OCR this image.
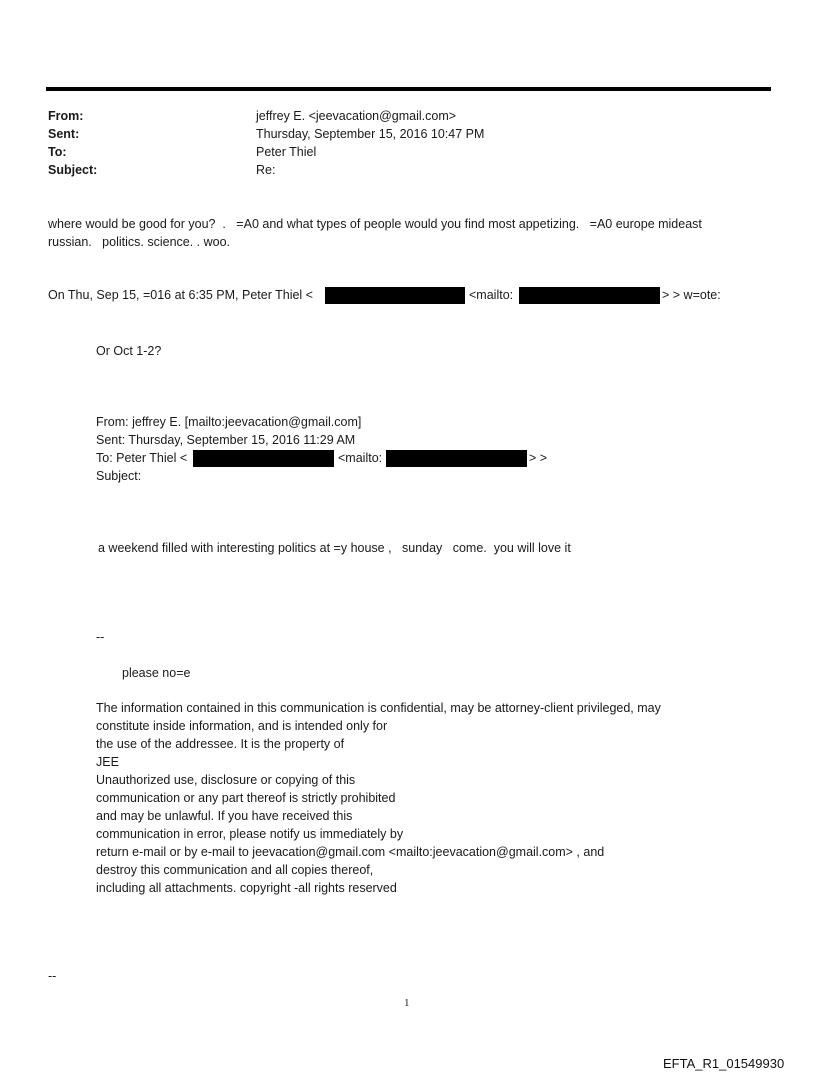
From:	jeffrey E. <jeevacation@gmail.com>
Sent:	Thursday, September 15, 2016 10:47 PM
To:	Peter Thiel
Subject:	Re:
where would be good for you?  .   =A0 and what types of people would you find most appetizing.   =A0 europe mideast
russian.   politics. science. . woo.
On Thu, Sep 15, =016 at 6:35 PM, Peter Thiel <	<mailto:	> > w=ote:
Or Oct 1-2?
From: jeffrey E. [mailto:jeevacation@gmail.com]
Sent: Thursday, September 15, 2016 11:29 AM
To: Peter Thiel <	<mailto:	> >
Subject:
a weekend filled with interesting politics at =y house ,   sunday   come.  you will love it
--
please no=e
The information contained in this communication is confidential, may be attorney-client privileged, may
constitute inside information, and is intended only for
the use of the addressee. It is the property of
JEE
Unauthorized use, disclosure or copying of this
communication or any part thereof is strictly prohibited
and may be unlawful. If you have received this
communication in error, please notify us immediately by
return e-mail or by e-mail to jeevacation@gmail.com <mailto:jeevacation@gmail.com> , and
destroy this communication and all copies thereof,
including all attachments. copyright -all rights reserved
--
1
EFTA_R1_01549930
